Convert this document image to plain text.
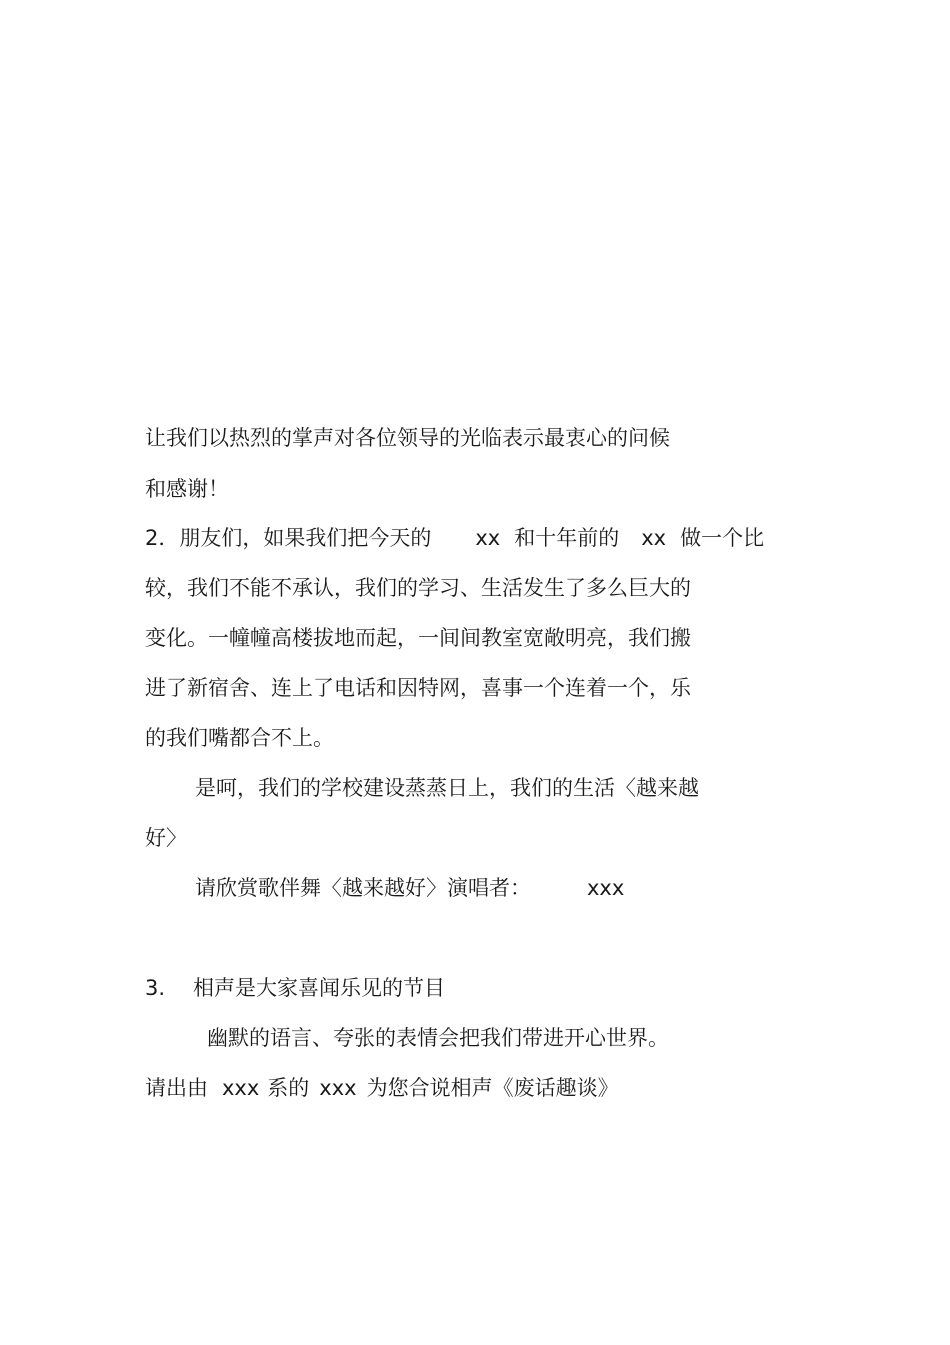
让我们以热烈的掌声对各位领导的光临表示最衷心的问候
和感谢！
2．朋友们，如果我们把今天的 xx 和十年前的 xx 做一个比
较，我们不能不承认，我们的学习、生活发生了多么巨大的
变化。一幢幢高楼拔地而起，一间间教室宽敞明亮，我们搬
进了新宿舍、连上了电话和因特网，喜事一个连着一个，乐
的我们嘴都合不上。
是呵，我们的学校建设蒸蒸日上，我们的生活〈越来越
好〉
请欣赏歌伴舞〈越来越好〉演唱者：	xxx
3. 相声是大家喜闻乐见的节目
幽默的语言、夸张的表情会把我们带进开心世界。
请出由 xxx 系的 xxx 为您合说相声《废话趣谈》
